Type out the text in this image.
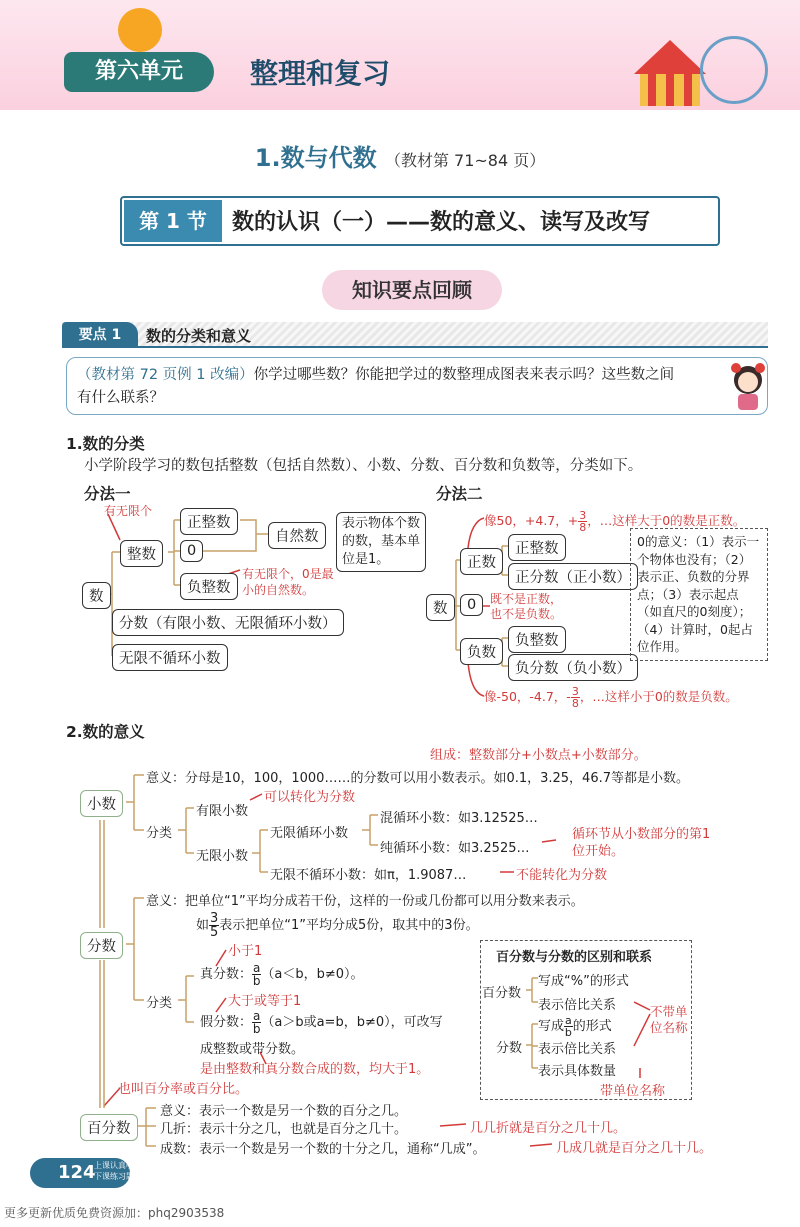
第六单元	整理和复习
1.数与代数 （教材第 71~84 页）
第 1 节	数的认识（一）——数的意义、读写及改写
知识要点回顾
要点 1	数的分类和意义
（教材第 72 页例 1 改编）你学过哪些数？你能把学过的数整理成图表来表示吗？这些数之间有什么联系？
1.数的分类
小学阶段学习的数包括整数（包括自然数）、小数、分数、百分数和负数等，分类如下。
分法一	分法二
有无限个
数
整数
正整数
0
负整数
自然数
表示物体个数的数，基本单位是1。
有无限个，0是最小的自然数。
分数（有限小数、无限循环小数）
无限不循环小数
像50，+4.7，+ $\frac{3}{8}$ ，…这样大于0的数是正数。
数
正数
正整数
正分数（正小数）
0	既不是正数，也不是负数。
负数
负整数
负分数（负小数）
像-50，-4.7，- $\frac{3}{8}$ ，…这样小于0的数是负数。
0的意义：（1）表示一个物体也没有；（2）表示正、负数的分界点；（3）表示起点（如直尺的0刻度）；（4）计算时，0起占位作用。
2.数的意义
组成：整数部分+小数点+小数部分。
小数
意义：分母是10，100，1000……的分数可以用小数表示。如0.1，3.25，46.7等都是小数。
分类
有限小数
可以转化为分数
无限小数
无限循环小数
混循环小数：如3.12525…
纯循环小数：如3.2525…
循环节从小数部分的第1位开始。
无限不循环小数：如π，1.9087…	不能转化为分数
分数
意义：把单位“1”平均分成若干份，这样的一份或几份都可以用分数来表示。
如 $\frac{3}{5}$ 表示把单位“1”平均分成5份，取其中的3份。
分类
小于1
真分数： $\frac{a}{b} (a<b$，b≠0）。
大于或等于1
假分数： $\frac{a}{b} (a>b$或a=b，b≠0），可改写
成整数或带分数。
是由整数和真分数合成的数，均大于1。
百分数与分数的区别和联系
百分数
写成“%”的形式
表示倍比关系
分数
写成 $\frac{a}{b}$ 的形式
表示倍比关系
表示具体数量
不带单位名称
带单位名称
也叫百分率或百分比。
百分数
意义：表示一个数是另一个数的百分之几。
几折：表示十分之几，也就是百分之几十。	几几折就是百分之几十几。
成数：表示一个数是另一个数的十分之几，通称“几成”。	几成几就是百分之几十几。
124
上课认真听
下课练习题
更多更新优质免费资源加：phq2903538
